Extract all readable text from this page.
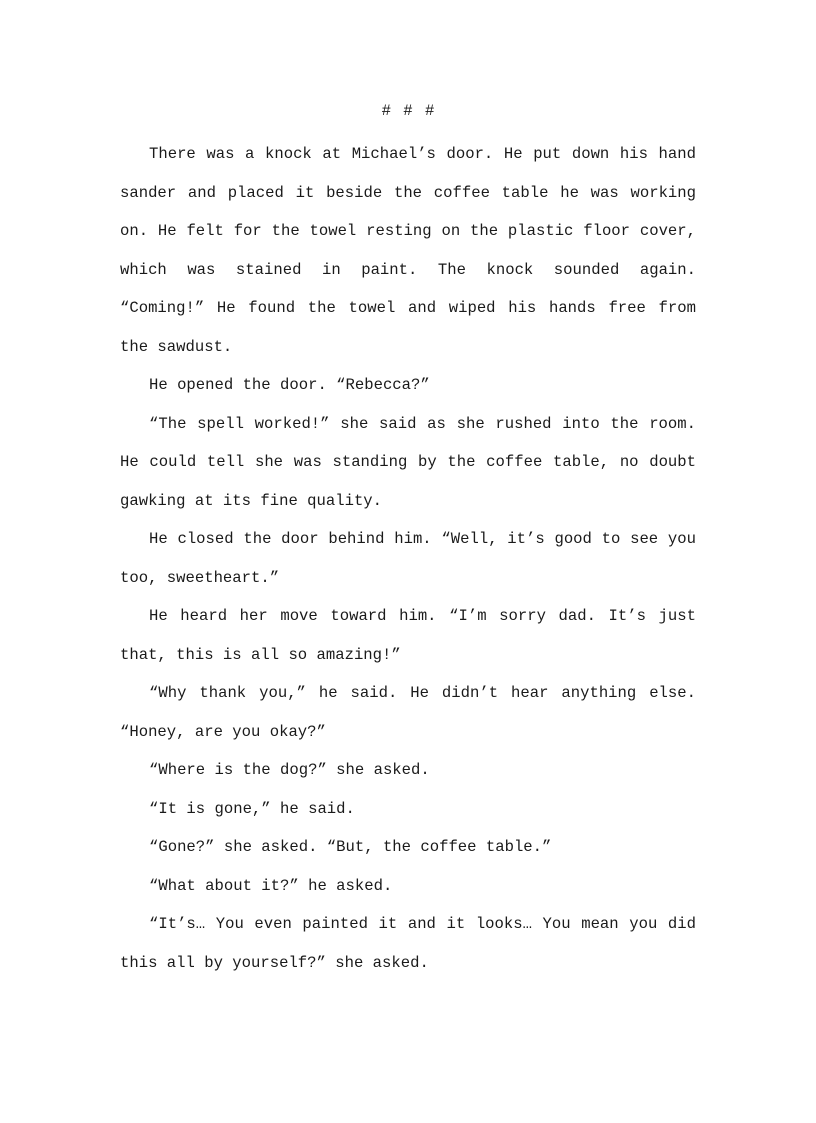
# # #

There was a knock at Michael’s door. He put down his hand sander and placed it beside the coffee table he was working on. He felt for the towel resting on the plastic floor cover, which was stained in paint. The knock sounded again. “Coming!” He found the towel and wiped his hands free from the sawdust.

He opened the door. “Rebecca?”

“The spell worked!” she said as she rushed into the room. He could tell she was standing by the coffee table, no doubt gawking at its fine quality.

He closed the door behind him. “Well, it’s good to see you too, sweetheart.”

He heard her move toward him. “I’m sorry dad. It’s just that, this is all so amazing!”

“Why thank you,” he said. He didn’t hear anything else. “Honey, are you okay?”

“Where is the dog?” she asked.

“It is gone,” he said.

“Gone?” she asked. “But, the coffee table.”

“What about it?” he asked.

“It’s… You even painted it and it looks… You mean you did this all by yourself?” she asked.
